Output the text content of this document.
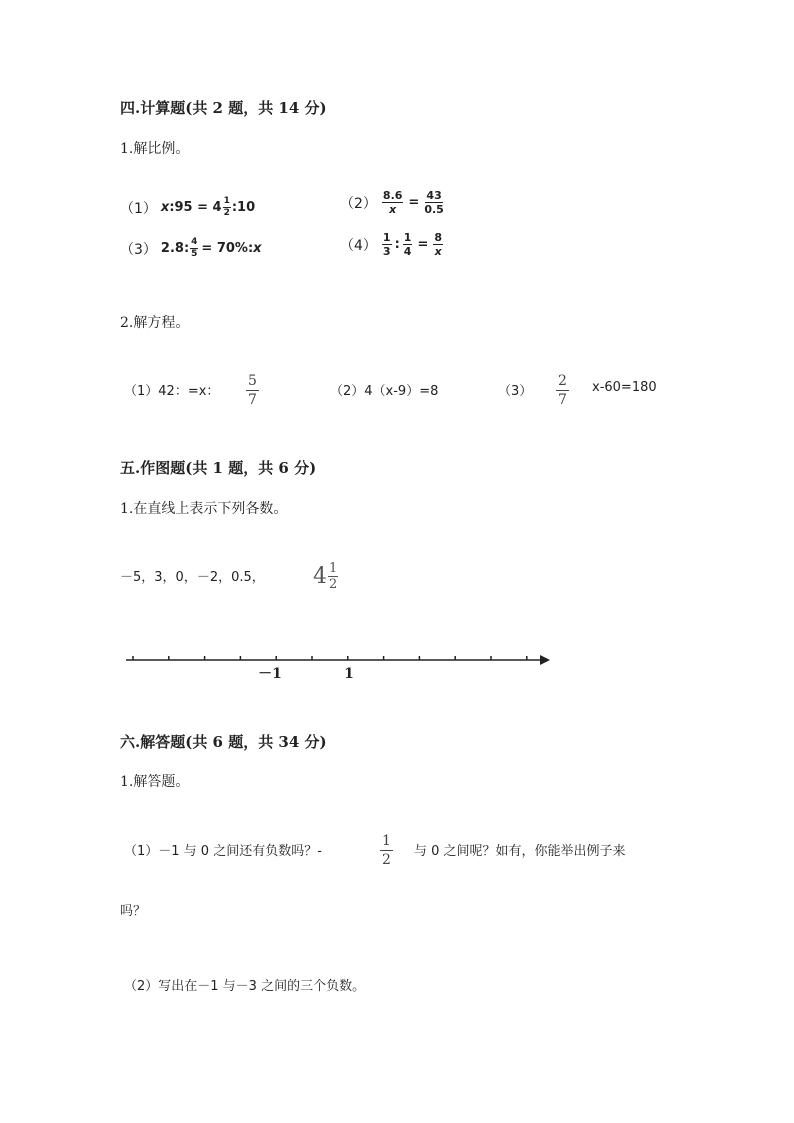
四.计算题(共 2 题，共 14 分)
1.解比例。
（1） x:95 = $4 \frac{1}{2}$ :10	$(2) \frac{8.6}{x} = \frac{43}{0.5}$
（3） 2.8: $\frac{4}{5} = 70\%$: x	$(4) \frac{1}{3}$ : $\frac{1}{4} = \frac{8}{x}$
2.解方程。
（1）42：=x：
5
7
（2）4（x-9）=8	（3）
2
7
x-60=180
五.作图题(共 1 题，共 6 分)
1.在直线上表示下列各数。
－5，3，0，－2，0.5， $4 \frac{1}{2}$
－1	1
六.解答题(共 6 题，共 34 分)
1.解答题。
（1）－1 与 0 之间还有负数吗？-
1
2
与 0 之间呢？如有，你能举出例子来
吗？
（2）写出在－1 与－3 之间的三个负数。
